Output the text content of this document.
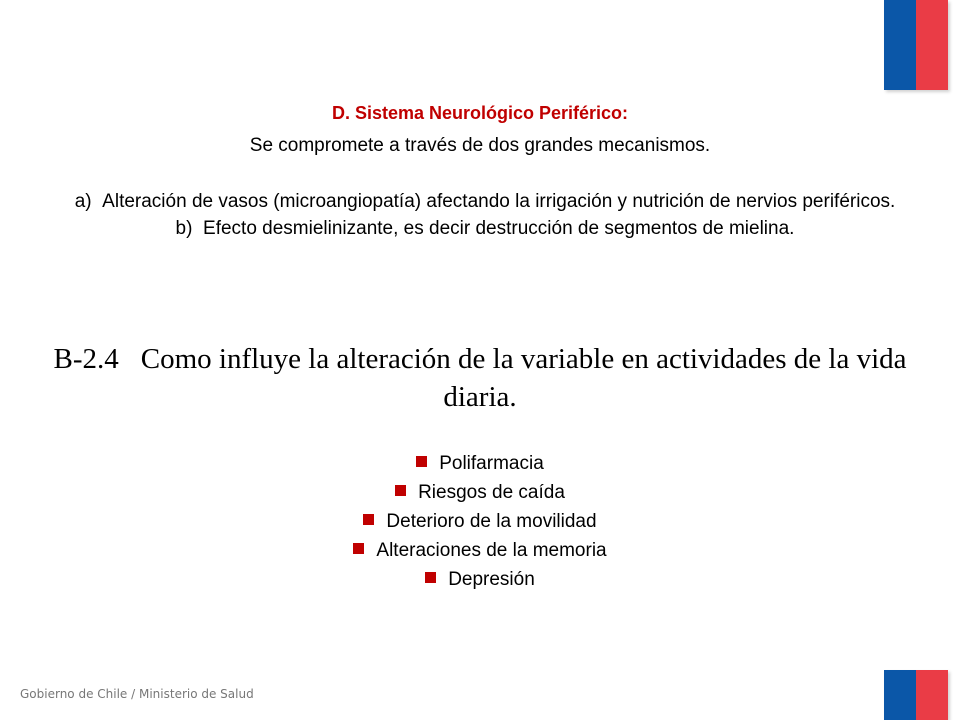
D. Sistema Neurológico Periférico:
Se compromete a través de dos grandes mecanismos.

a) Alteración de vasos (microangiopatía) afectando la irrigación y nutrición de nervios periféricos.

b) Efecto desmielinizante, es decir destrucción de segmentos de mielina.

B-2.4 Como influye la alteración de la variable en actividades de la vida diaria.
Polifarmacia
Riesgos de caída
Deterioro de la movilidad
Alteraciones de la memoria
Depresión
Gobierno de Chile / Ministerio de Salud
